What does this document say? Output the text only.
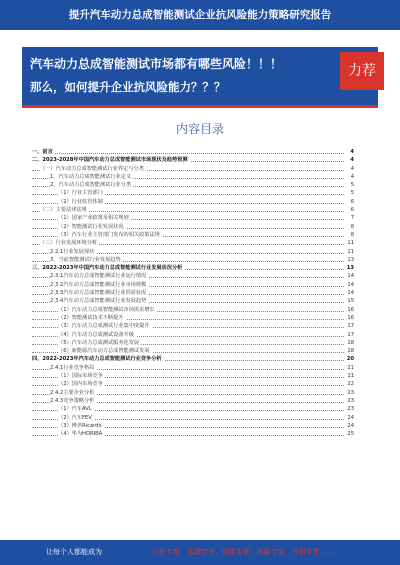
提升汽车动力总成智能测试企业抗风险能力策略研究报告
汽车动力总成智能测试市场都有哪些风险！！！
那么，如何提升企业抗风险能力？？？
力荐
内容目录
一、前言	4
二、2023-2028年中国汽车动力总成智能测试市场现状及趋势预测	4
（一）汽车动力总成智能测试行业界定与分类	4
1、汽车动力总成智能测试行业定义	4
2、汽车动力总成智能测试行业分类	5
（1）行业主管部门	5
（2）行业监管体制	6
（二）主要法律法规	6
（1）国家产业政策及相关规划	7
（2）智能测试行业发展状况	8
（3）汽车行业主管部门发布的相关政策法规	8
（三）行业发展环境分析	11
2.2.1行业发展现状	11
3、当前智能测试行业发展趋势	13
三、2022-2023年中国汽车动力总成智能测试行业发展状况分析	13
2.3.1汽车动力总成智能测试行业运行情况	14
2.3.2汽车动力总成智能测试行业市场规模	14
2.3.3汽车动力总成智能测试行业供需状况	14
2.3.4汽车动力总成智能测试行业发展趋势	15
（1）汽车动力总成智能测试市场需求增长	16
（2）智能测试技术不断提升	16
（3）汽车动力总成测试行业集中度提升	17
（4）汽车动力总成测试设备升级	17
（5）汽车动力总成测试服务化发展	18
（6）新能源汽车动力总成智能测试发展	18
四、2022-2023年汽车动力总成智能测试行业竞争分析	20
2.4.1行业竞争格局	21
（1）国际市场竞争	21
（2）国内市场竞争	22
2.4.2主要企业分析	23
2.4.3竞争策略分析	23
（1）汽车AVL	23
（2）汽车FEV	24
（3）博世Ricardo	24
（4）华为HORIBA	25
让每个人都能成为	行业专家，管理专家，营销专家，战略专家，分析专家……
